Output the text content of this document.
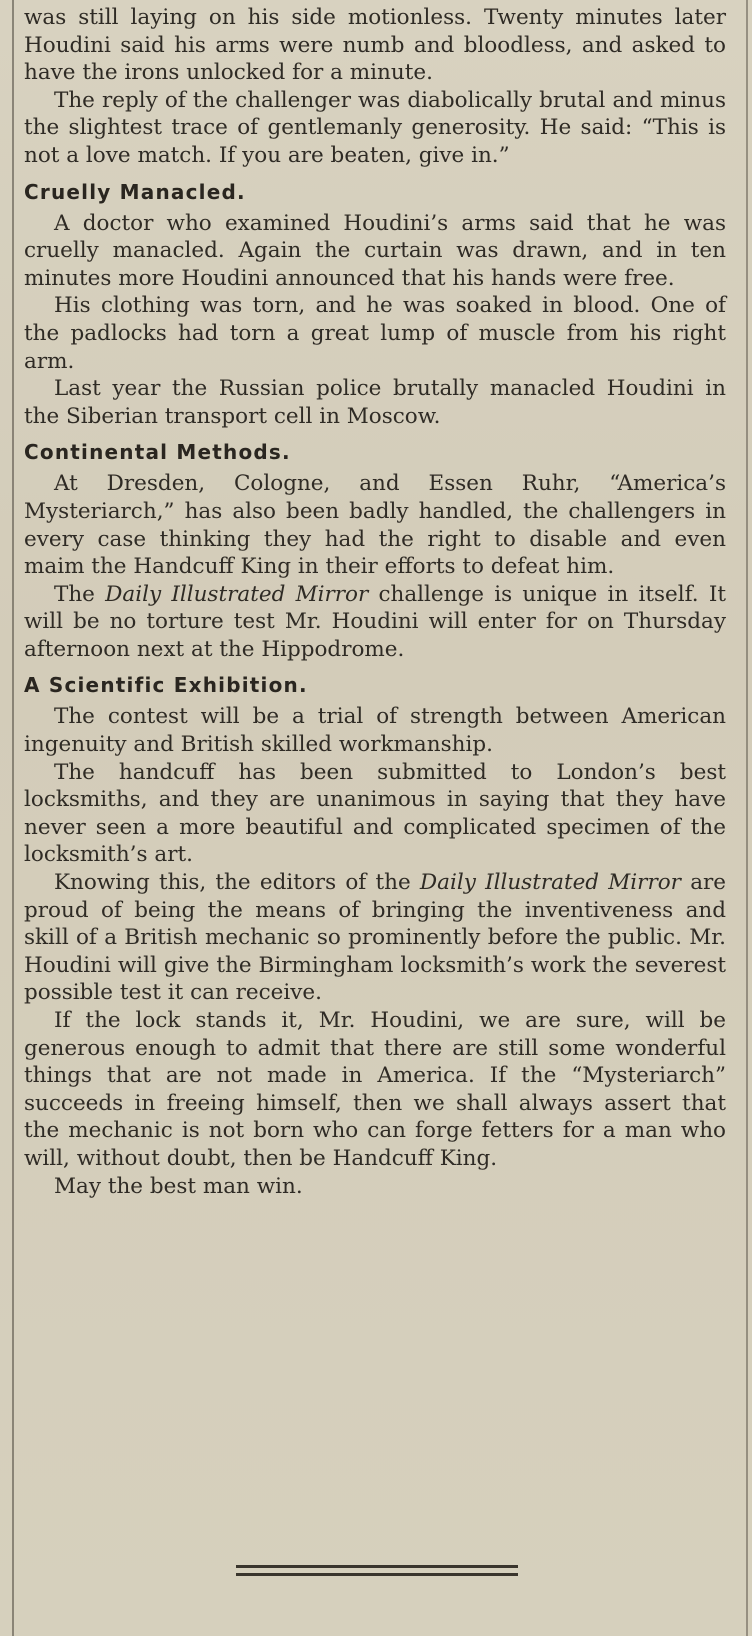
was still laying on his side motionless. Twenty minutes later Houdini said his arms were numb and bloodless, and asked to have the irons unlocked for a minute.

The reply of the challenger was diabolically brutal and minus the slightest trace of gentlemanly generosity. He said: “This is not a love match. If you are beaten, give in.”

Cruelly Manacled.

A doctor who examined Houdini’s arms said that he was cruelly manacled. Again the curtain was drawn, and in ten minutes more Houdini announced that his hands were free.

His clothing was torn, and he was soaked in blood. One of the padlocks had torn a great lump of muscle from his right arm.

Last year the Russian police brutally manacled Houdini in the Siberian transport cell in Moscow.

Continental Methods.

At Dresden, Cologne, and Essen Ruhr, “America’s Mysteriarch,” has also been badly handled, the challengers in every case thinking they had the right to disable and even maim the Handcuff King in their efforts to defeat him.

The Daily Illustrated Mirror challenge is unique in itself. It will be no torture test Mr. Houdini will enter for on Thursday afternoon next at the Hippodrome.

A Scientific Exhibition.

The contest will be a trial of strength between American ingenuity and British skilled workmanship.

The handcuff has been submitted to London’s best locksmiths, and they are unanimous in saying that they have never seen a more beautiful and complicated specimen of the locksmith’s art.

Knowing this, the editors of the Daily Illustrated Mirror are proud of being the means of bringing the inventiveness and skill of a British mechanic so prominently before the public. Mr. Houdini will give the Birmingham locksmith’s work the severest possible test it can receive.

If the lock stands it, Mr. Houdini, we are sure, will be generous enough to admit that there are still some wonderful things that are not made in America. If the “Mysteriarch” succeeds in freeing himself, then we shall always assert that the mechanic is not born who can forge fetters for a man who will, without doubt, then be Handcuff King.

May the best man win.
